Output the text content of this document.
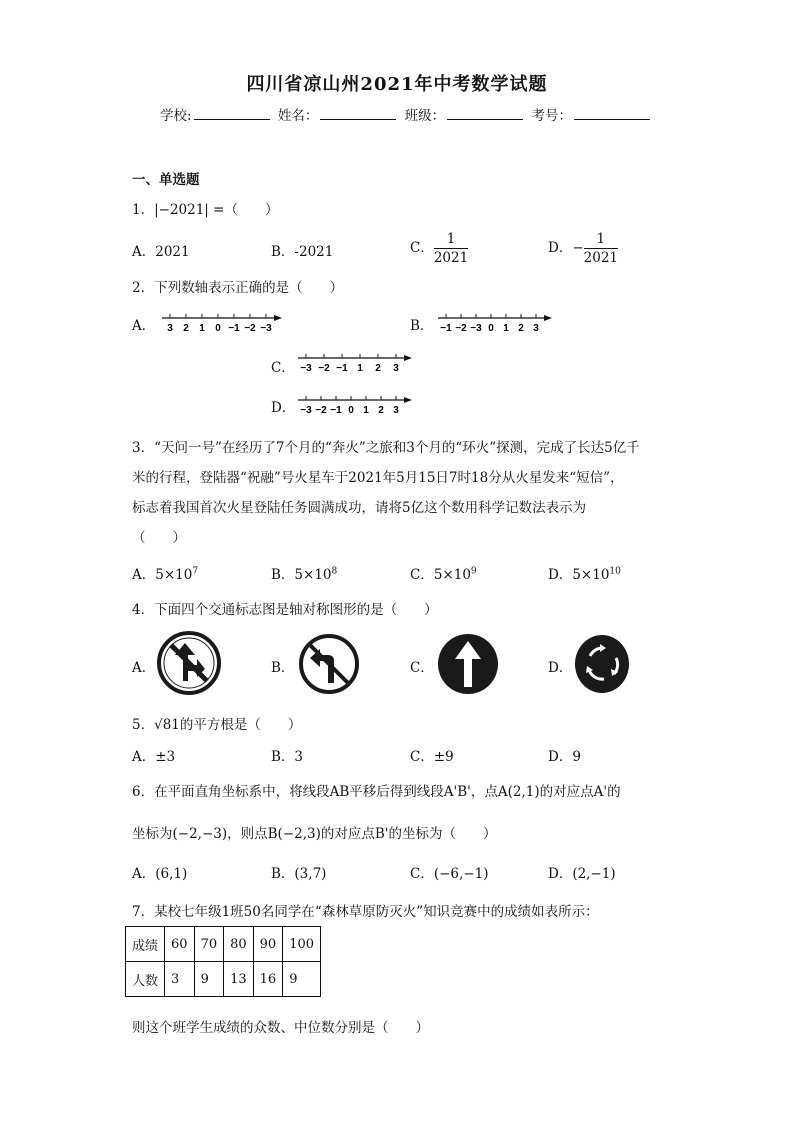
四川省凉山州2021年中考数学试题
学校:	姓名：	班级：	考号：
一、单选题
1．|−2021| =（　　）
A．2021	B．-2021	C． $\frac{1}{2021}$	D．− $\frac{1}{2021}$
2．下列数轴表示正确的是（　　）
A．	B．
C．
D．
3 2 1 0 −1 −2 −3	−1 −2 −3 0 1 2 3
−3 −2 −1 1 2 3
−3 −2 −1 0 1 2 3
3．“天问一号”在经历了7个月的“奔火”之旅和3个月的“环火”探测，完成了长达5亿千
米的行程，登陆器“祝融”号火星车于2021年5月15日7时18分从火星发来“短信”，
标志着我国首次火星登陆任务圆满成功，请将5亿这个数用科学记数法表示为
（　　）
A．$5\times 10^7$	B．$5\times 10^8$	C．$5\times 10^9$	D．$5\times 10^{10}$
4．下面四个交通标志图是轴对称图形的是（　　）
A．	B．	C．	D．
5．√81的平方根是（　　）
A．±3	B．3	C．±9	D．9
6．在平面直角坐标系中，将线段AB平移后得到线段A'B'，点A(2,1)的对应点A'的
坐标为(−2,−3)，则点B(−2,3)的对应点B'的坐标为（　　）
A．(6,1)	B．(3,7)	C．(−6,−1)	D．(2,−1)
7．某校七年级1班50名同学在“森林草原防灭火”知识竞赛中的成绩如表所示：
成绩	60	70	80	90	100
人数	3	9	13	16	9
则这个班学生成绩的众数、中位数分别是（　　）
